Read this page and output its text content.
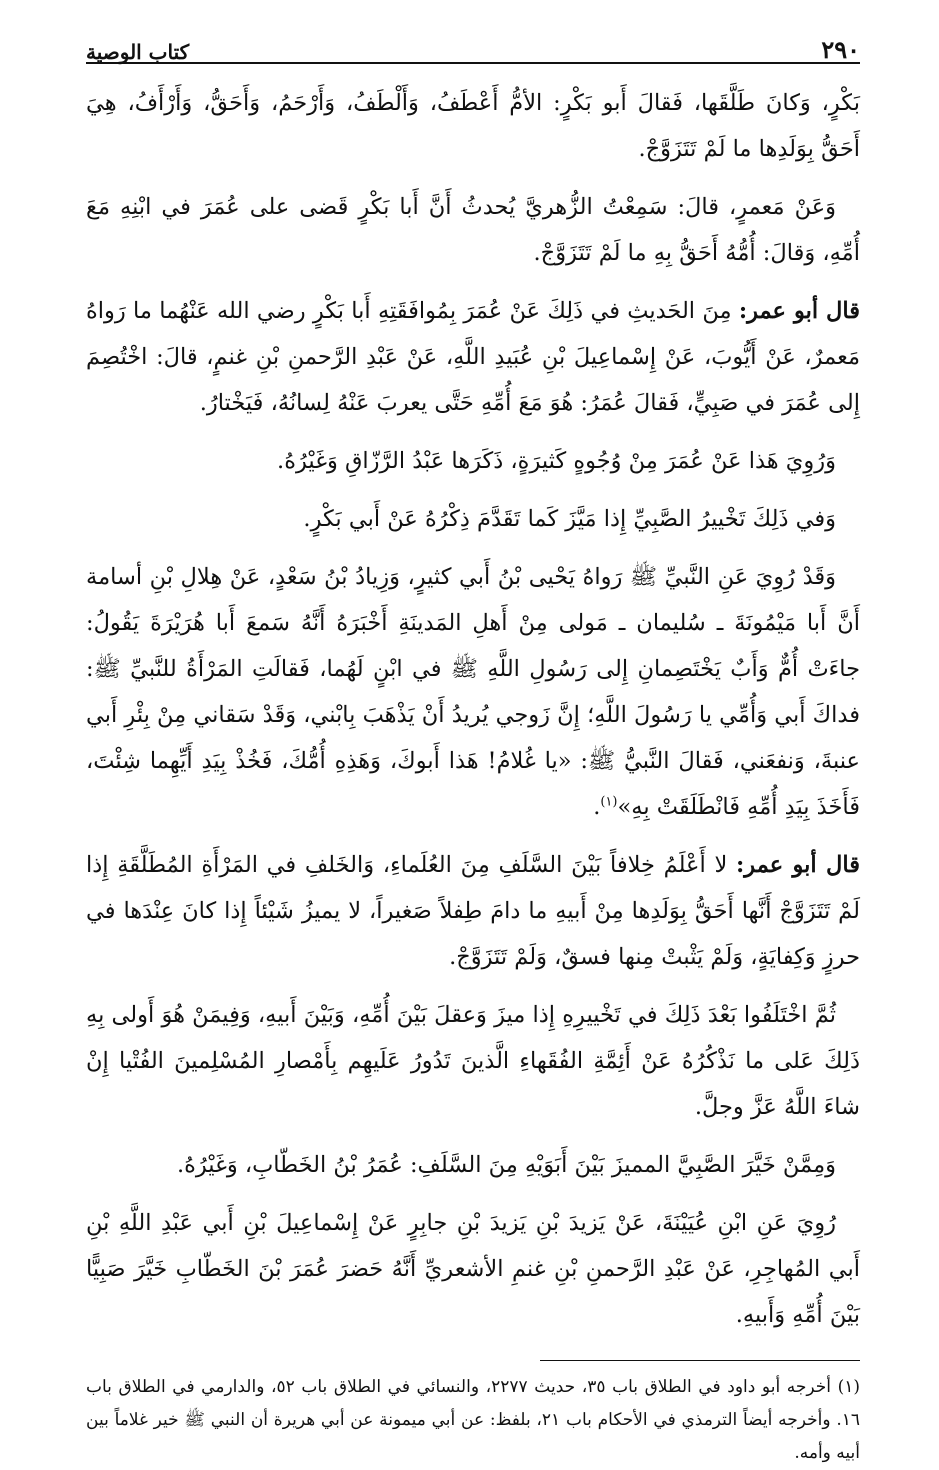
٢٩٠
كتاب الوصية

بَكْرٍ، وَكانَ طَلَّقَها، فَقالَ أَبو بَكْرٍ: الأمُّ أَعْطَفُ، وَأَلْطَفُ، وَأَرْحَمُ، وَأَحَقُّ، وَأَرْأَفُ، هِيَ أَحَقُّ بِوَلَدِها ما لَمْ تَتَزَوَّجْ.

وَعَنْ مَعمرٍ، قالَ: سَمِعْتُ الزُّهريَّ يُحدثُ أَنَّ أَبا بَكْرٍ قَضى على عُمَرَ في ابْنِهِ مَعَ أُمِّهِ، وَقالَ: أُمُّهُ أَحَقُّ بِهِ ما لَمْ تَتَزَوَّجْ.

قال أبو عمر: مِنَ الحَديثِ في ذَلِكَ عَنْ عُمَرَ بِمُوافَقَتِهِ أَبا بَكْرٍ رضي الله عَنْهُما ما رَواهُ مَعمرٌ، عَنْ أَيُّوبَ، عَنْ إِسْماعِيلَ بْنِ عُبَيدِ اللَّهِ، عَنْ عَبْدِ الرَّحمنِ بْنِ غنمٍ، قالَ: اخْتُصِمَ إِلى عُمَرَ في صَبِيٍّ، فَقالَ عُمَرُ: هُوَ مَعَ أُمِّهِ حَتَّى يعربَ عَنْهُ لِسانُهُ، فَيَخْتارُ.

وَرُوِيَ هَذا عَنْ عُمَرَ مِنْ وُجُوهٍ كَثيرَةٍ، ذَكَرَها عَبْدُ الرَّزّاقِ وَغَيْرُهُ.

وَفي ذَلِكَ تَخْييرُ الصَّبِيِّ إِذا مَيَّزَ كَما تَقَدَّمَ ذِكْرُهُ عَنْ أَبي بَكْرٍ.

وَقَدْ رُوِيَ عَنِ النَّبيِّ ﷺ رَواهُ يَحْيى بْنُ أَبي كثيرٍ، وَزِيادُ بْنُ سَعْدٍ، عَنْ هِلالِ بْنِ أسامة أَنَّ أَبا مَيْمُونَةَ ـ سُليمان ـ مَولى مِنْ أَهلِ المَدينَةِ أَخْبَرَهُ أَنَّهُ سَمعَ أَبا هُرَيْرَةَ يَقُولُ: جاءَتْ أُمٌّ وَأَبٌ يَخْتَصِمانِ إِلى رَسُولِ اللَّهِ ﷺ في ابْنٍ لَهُما، فَقالَتِ المَرْأَةُ للنَّبيِّ ﷺ: فداكَ أَبي وَأُمِّي يا رَسُولَ اللَّهِ؛ إِنَّ زَوجي يُريدُ أَنْ يَذْهَبَ بِابْني، وَقَدْ سَقاني مِنْ بِئْرِ أَبي عنبةَ، وَنفعَني، فَقالَ النَّبيُّ ﷺ: «يا غُلامُ! هَذا أَبوكَ، وَهَذِهِ أُمُّكَ، فَخُذْ بِيَدِ أَيِّهِما شِئْتَ، فَأَخَذَ بِيَدِ أُمِّهِ فَانْطَلَقَتْ بِهِ»$^{(١)}$.

قال أبو عمر: لا أَعْلَمُ خِلافاً بَيْنَ السَّلَفِ مِنَ العُلَماءِ، وَالخَلفِ في المَرْأَةِ المُطَلَّقَةِ إِذا لَمْ تَتَزَوَّجْ أَنَّها أَحَقُّ بِوَلَدِها مِنْ أَبيهِ ما دامَ طِفلاً صَغيراً، لا يميزُ شَيْئاً إِذا كانَ عِنْدَها في حرزٍ وَكِفايَةٍ، وَلَمْ يَثْبتْ مِنها فسقٌ، وَلَمْ تَتَزَوَّجْ.

ثُمَّ اخْتَلَفُوا بَعْدَ ذَلِكَ في تَخْييرِهِ إِذا ميزَ وَعقلَ بَيْنَ أُمِّهِ، وَبَيْنَ أَبيهِ، وَفِيمَنْ هُوَ أَولى بِهِ ذَلِكَ عَلى ما نَذْكُرُهُ عَنْ أَئِمَّةِ الفُقَهاءِ الَّذينَ تَدُورُ عَلَيهِم بِأَمْصارِ المُسْلِمينَ الفُتْيا إِنْ شاءَ اللَّهُ عَزَّ وجلَّ.

وَمِمَّنْ خَيَّرَ الصَّبِيَّ المميزَ بَيْنَ أَبَوَيْهِ مِنَ السَّلَفِ: عُمَرُ بْنُ الخَطّابِ، وَغَيْرُهُ.

رُوِيَ عَنِ ابْنِ عُيَيْنَةَ، عَنْ يَزيدَ بْنِ يَزيدَ بْنِ جابِرٍ عَنْ إِسْماعِيلَ بْنِ أَبي عَبْدِ اللَّهِ بْنِ أَبي المُهاجِرِ، عَنْ عَبْدِ الرَّحمنِ بْنِ غنمِ الأشعريِّ أَنَّهُ حَضرَ عُمَرَ بْنَ الخَطّابِ خَيَّرَ صَبِيًّا بَيْنَ أُمِّهِ وَأَبيهِ.

(١) أخرجه أبو داود في الطلاق باب ٣٥، حديث ٢٢٧٧، والنسائي في الطلاق باب ٥٢، والدارمي في الطلاق باب ١٦. وأخرجه أيضاً الترمذي في الأحكام باب ٢١، بلفظ: عن أبي ميمونة عن أبي هريرة أن النبي ﷺ خير غلاماً بين أبيه وأمه.
